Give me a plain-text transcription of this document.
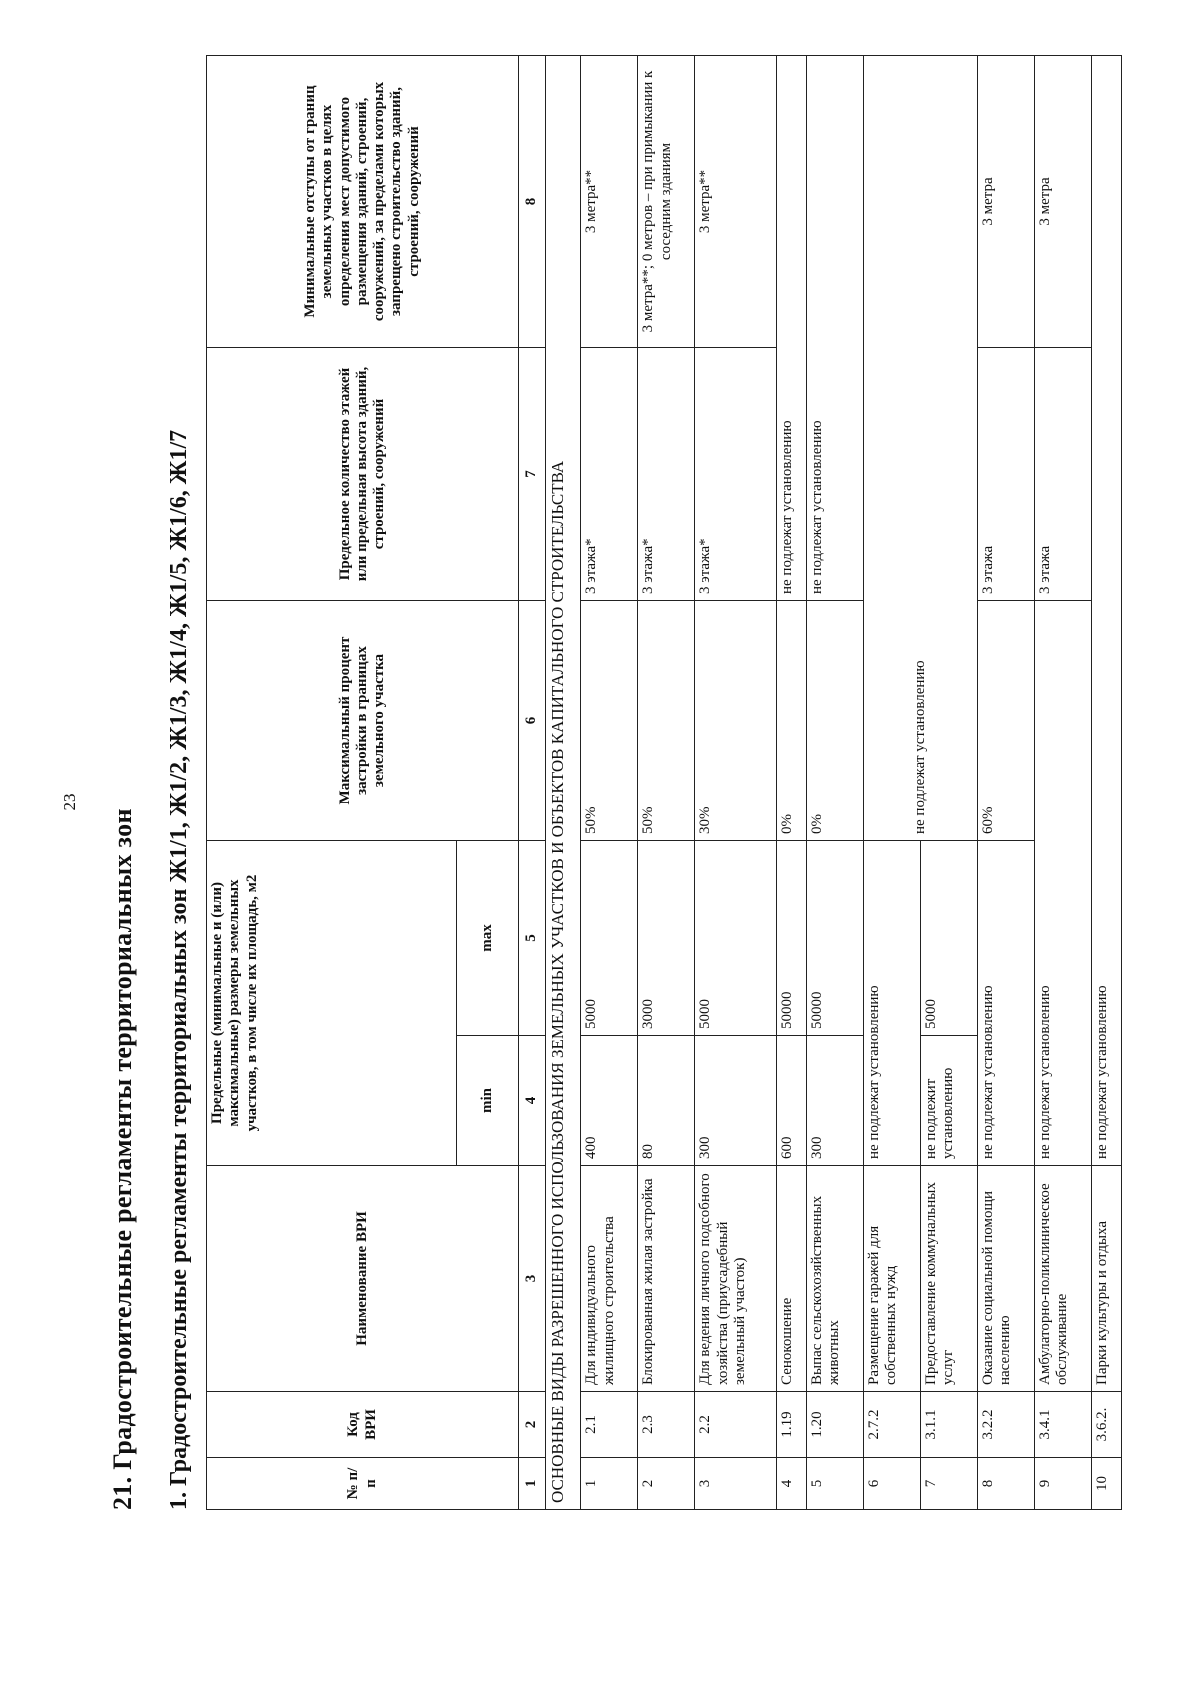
23
21. Градостроительные регламенты территориальных зон 1. Градостроительные регламенты территориальных зон Ж1/1, Ж1/2, Ж1/3, Ж1/4, Ж1/5, Ж1/6, Ж1/7	№ п/п	Код ВРИ	Наименование ВРИ	Предельные (минимальные и (или) максимальные) размеры земельных участков, в том числе их площадь, м2		Максимальный процент застройки в границах земельного участка	Предельное количество этажей или предельная высота зданий, строений, сооружений	Минимальные отступы от границ земельных участков в целях определения мест допустимого размещения зданий, строений, сооружений, за пределами которых запрещено строительство зданий, строений, сооружений
			min	max			
1	2	3	4	5	6	7	8
ОСНОВНЫЕ ВИДЫ РАЗРЕШЕННОГО ИСПОЛЬЗОВАНИЯ ЗЕМЕЛЬНЫХ УЧАСТКОВ И ОБЪЕКТОВ КАПИТАЛЬНОГО СТРОИТЕЛЬСТВА							
1	2.1	Для индивидуального жилищного строительства	400	5000	50%	3 этажа*	3 метра**
2	2.3	Блокированная жилая застройка	80	3000	50%	3 этажа*	3 метра**; 0 метров – при примыкании к соседним зданиям
3	2.2	Для ведения личного подсобного хозяйства (приусадебный земельный участок)	300	5000	30%	3 этажа*	3 метра**
4	1.19	Сенокошение	600	50000	0%	не подлежат установлению	
5	1.20	Выпас сельскохозяйственных животных	300	50000	0%	не подлежат установлению	
6	2.7.2	Размещение гаражей для собственных нужд	не подлежат установлению		не подлежат установлению		
7	3.1.1	Предоставление коммунальных услуг	не подлежит установлению	5000			
8	3.2.2	Оказание социальной помощи населению	не подлежат установлению		60%	3 этажа	3 метра
9	3.4.1	Амбулаторно-поликлиническое обслуживание	не подлежат установлению			3 этажа	3 метра
10	3.6.2.	Парки культуры и отдыха	не подлежат установлению				
